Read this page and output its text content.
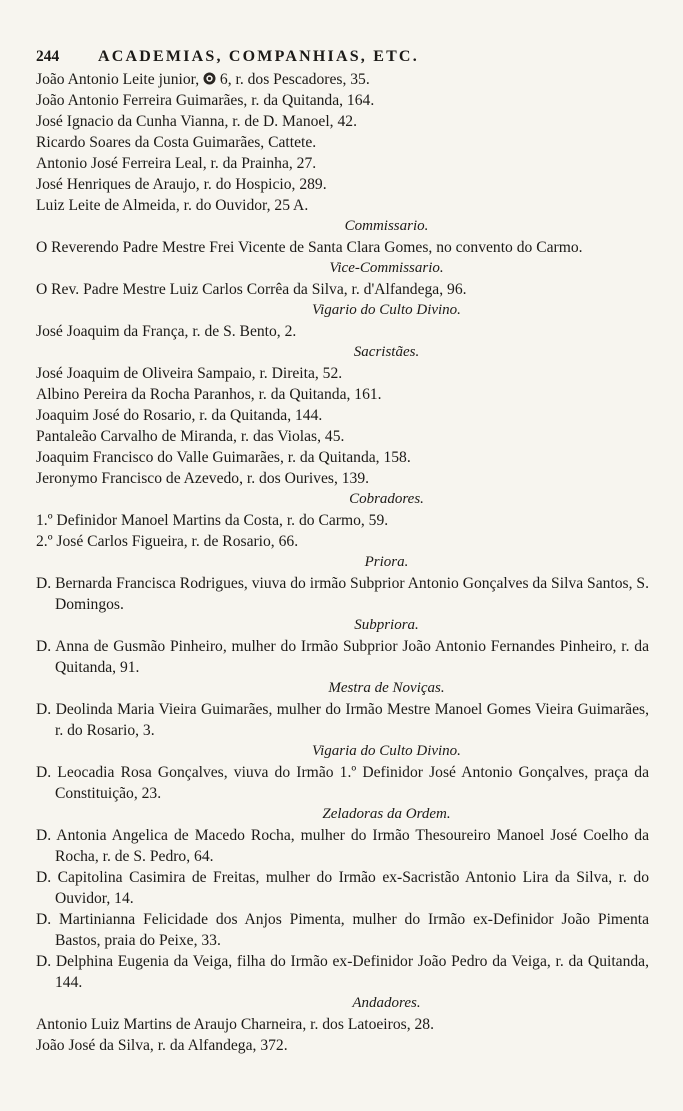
244	ACADEMIAS, COMPANHIAS, ETC.
João Antonio Leite junior,  6, r. dos Pescadores, 35.
João Antonio Ferreira Guimarães, r. da Quitanda, 164.
José Ignacio da Cunha Vianna, r. de D. Manoel, 42.
Ricardo Soares da Costa Guimarães, Cattete.
Antonio José Ferreira Leal, r. da Prainha, 27.
José Henriques de Araujo, r. do Hospicio, 289.
Luiz Leite de Almeida, r. do Ouvidor, 25 A.
Commissario.
O Reverendo Padre Mestre Frei Vicente de Santa Clara Gomes, no convento do Carmo.
Vice-Commissario.
O Rev. Padre Mestre Luiz Carlos Corrêa da Silva, r. d'Alfandega, 96.
Vigario do Culto Divino.
José Joaquim da França, r. de S. Bento, 2.
Sacristães.
José Joaquim de Oliveira Sampaio, r. Direita, 52.
Albino Pereira da Rocha Paranhos, r. da Quitanda, 161.
Joaquim José do Rosario, r. da Quitanda, 144.
Pantaleão Carvalho de Miranda, r. das Violas, 45.
Joaquim Francisco do Valle Guimarães, r. da Quitanda, 158.
Jeronymo Francisco de Azevedo, r. dos Ourives, 139.
Cobradores.
1.º Definidor Manoel Martins da Costa, r. do Carmo, 59.
2.º José Carlos Figueira, r. de Rosario, 66.
Priora.
D. Bernarda Francisca Rodrigues, viuva do irmão Subprior Antonio Gonçalves da Silva Santos, S. Domingos.
Subpriora.
D. Anna de Gusmão Pinheiro, mulher do Irmão Subprior João Antonio Fernandes Pinheiro, r. da Quitanda, 91.
Mestra de Noviças.
D. Deolinda Maria Vieira Guimarães, mulher do Irmão Mestre Manoel Gomes Vieira Guimarães, r. do Rosario, 3.
Vigaria do Culto Divino.
D. Leocadia Rosa Gonçalves, viuva do Irmão 1.º Definidor José Antonio Gonçalves, praça da Constituição, 23.
Zeladoras da Ordem.
D. Antonia Angelica de Macedo Rocha, mulher do Irmão Thesoureiro Manoel José Coelho da Rocha, r. de S. Pedro, 64.
D. Capitolina Casimira de Freitas, mulher do Irmão ex-Sacristão Antonio Lira da Silva, r. do Ouvidor, 14.
D. Martinianna Felicidade dos Anjos Pimenta, mulher do Irmão ex-Definidor João Pimenta Bastos, praia do Peixe, 33.
D. Delphina Eugenia da Veiga, filha do Irmão ex-Definidor João Pedro da Veiga, r. da Quitanda, 144.
Andadores.
Antonio Luiz Martins de Araujo Charneira, r. dos Latoeiros, 28.
João José da Silva, r. da Alfandega, 372.
